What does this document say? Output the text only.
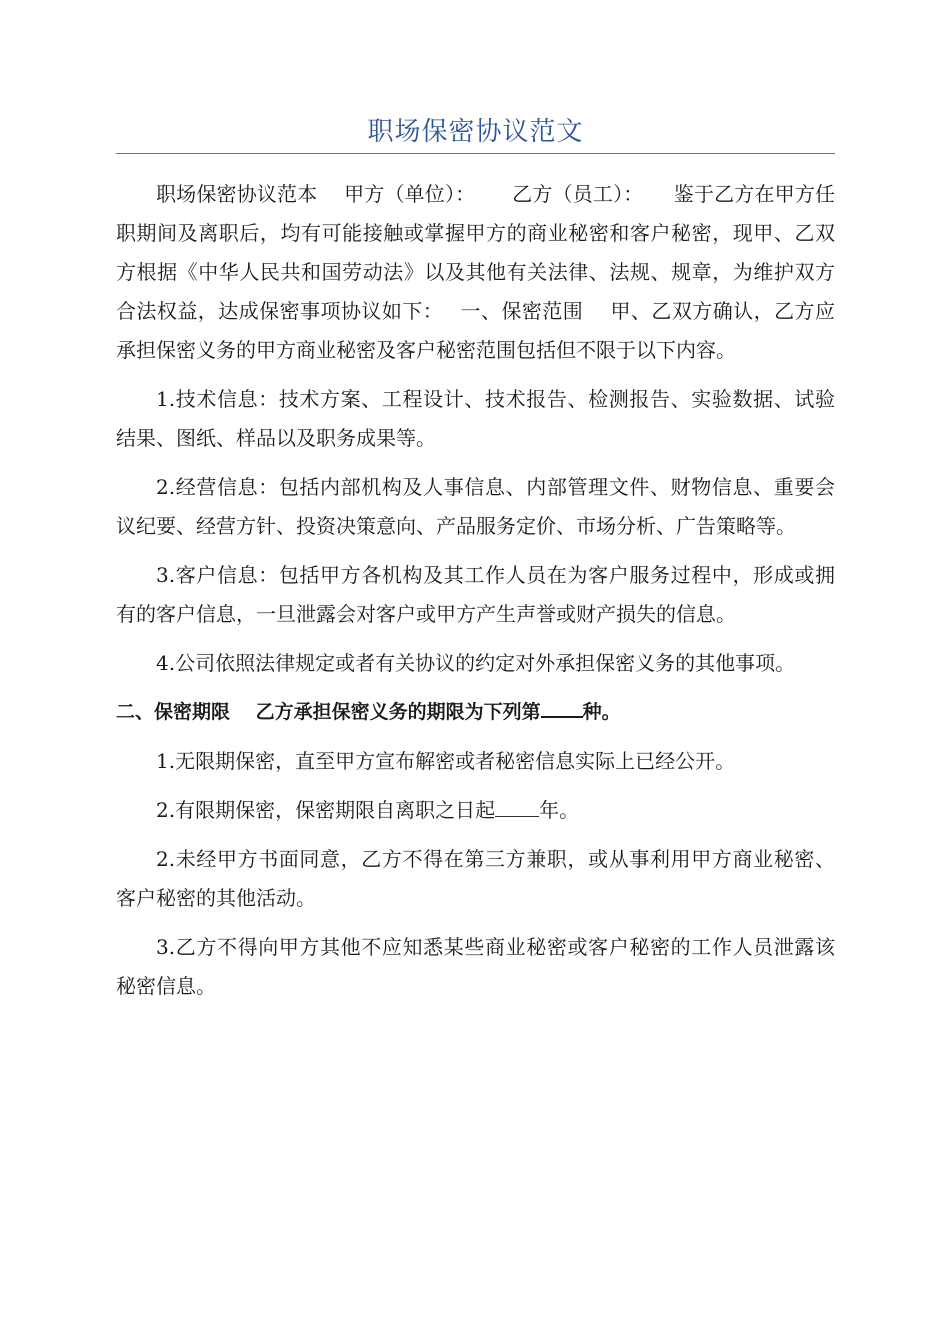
职场保密协议范文

职场保密协议范本　 甲方（单位）：　　 乙方（员工）：　　鉴于乙方在甲方任职期间及离职后，均有可能接触或掌握甲方的商业秘密和客户秘密，现甲、乙双方根据《中华人民共和国劳动法》以及其他有关法律、法规、规章，为维护双方合法权益，达成保密事项协议如下：　 一、保密范围　 甲、乙双方确认，乙方应承担保密义务的甲方商业秘密及客户秘密范围包括但不限于以下内容。

1.技术信息：技术方案、工程设计、技术报告、检测报告、实验数据、试验结果、图纸、样品以及职务成果等。

2.经营信息：包括内部机构及人事信息、内部管理文件、财物信息、重要会议纪要、经营方针、投资决策意向、产品服务定价、市场分析、广告策略等。

3.客户信息：包括甲方各机构及其工作人员在为客户服务过程中，形成或拥有的客户信息，一旦泄露会对客户或甲方产生声誉或财产损失的信息。

4.公司依照法律规定或者有关协议的约定对外承担保密义务的其他事项。

二、保密期限　 乙方承担保密义务的期限为下列第 种。

1.无限期保密，直至甲方宣布解密或者秘密信息实际上已经公开。

2.有限期保密，保密期限自离职之日起 年。

2.未经甲方书面同意，乙方不得在第三方兼职，或从事利用甲方商业秘密、客户秘密的其他活动。

3.乙方不得向甲方其他不应知悉某些商业秘密或客户秘密的工作人员泄露该秘密信息。
